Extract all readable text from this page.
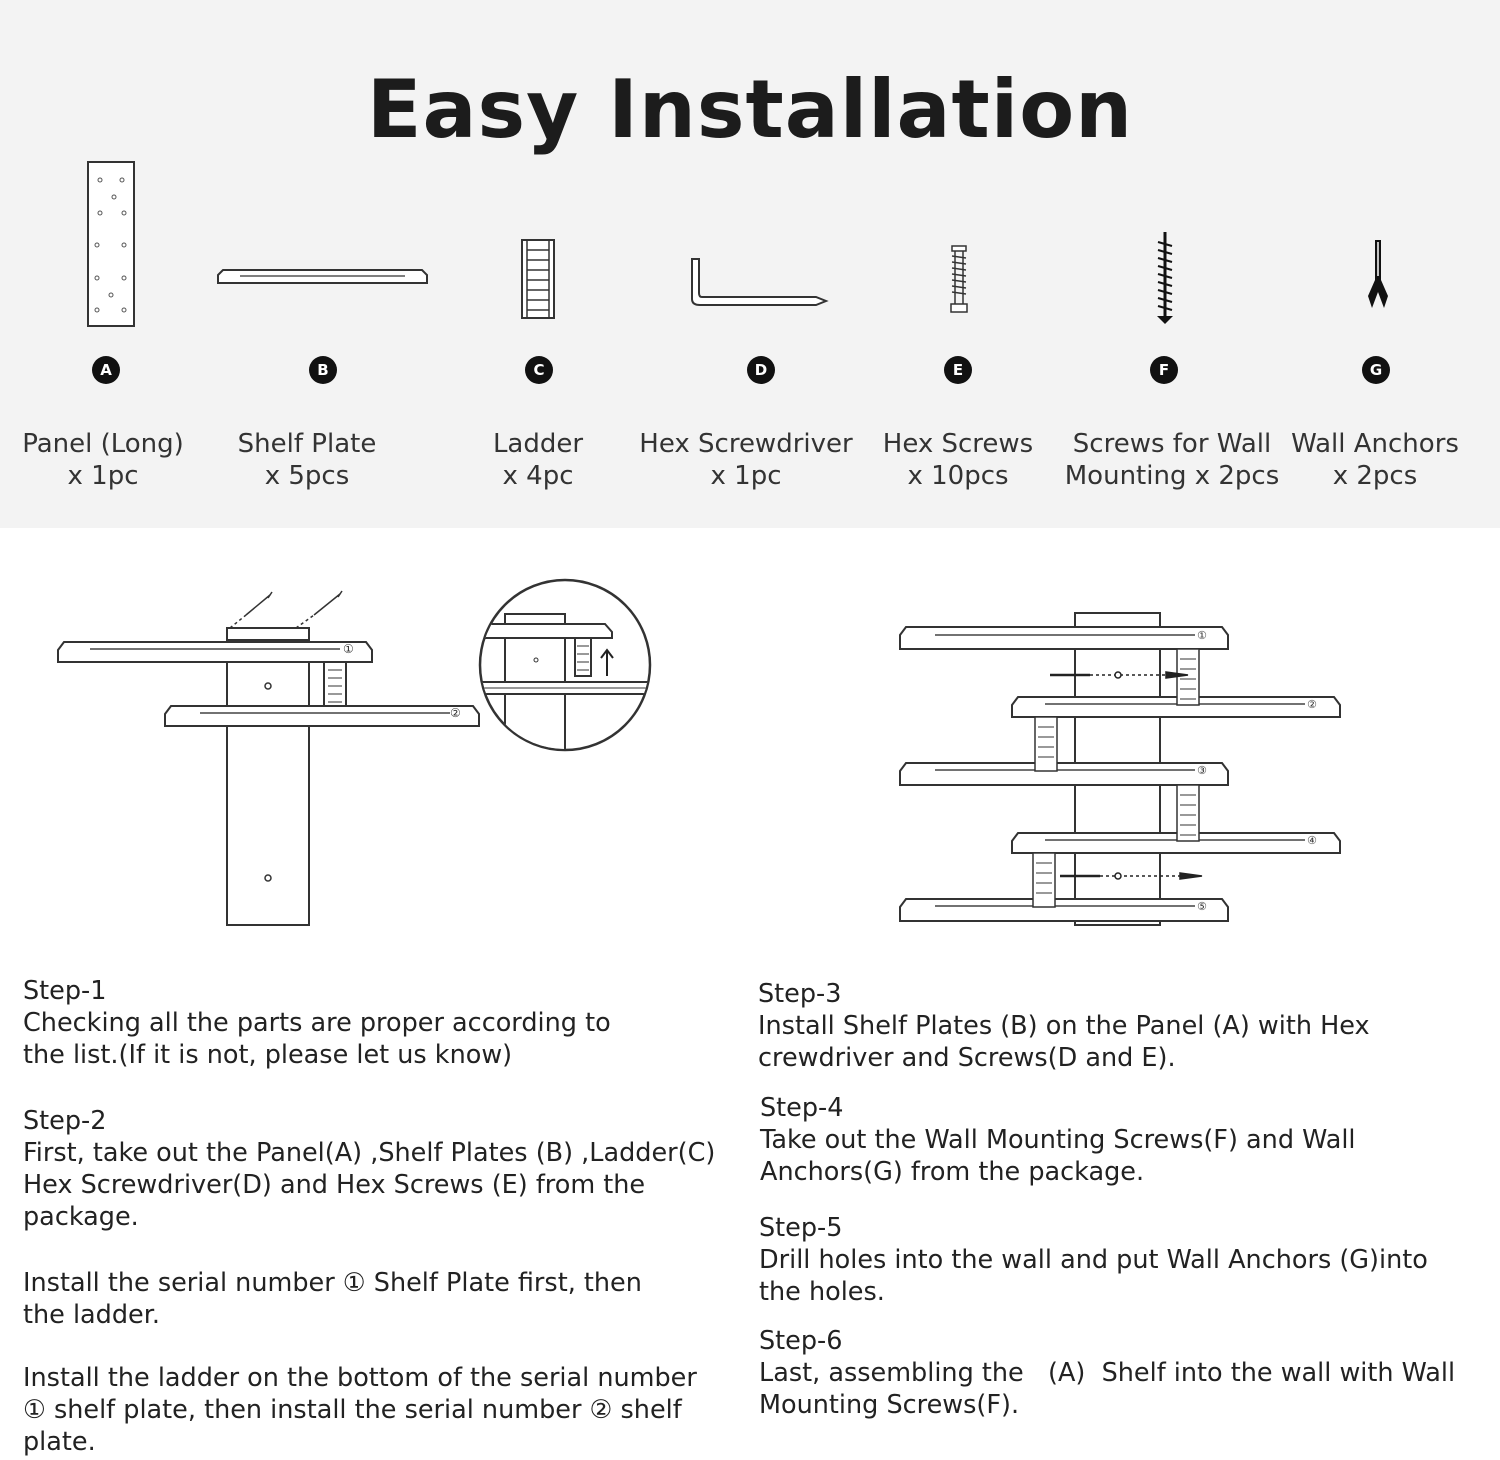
Easy Installation
A	B	C	D	E	F	G
Panel (Long)
x 1pc
Shelf Plate
x 5pcs
Ladder
x 4pc
Hex Screwdriver
x 1pc
Hex Screws
x 10pcs
Screws for Wall
Mounting x 2pcs
Wall Anchors
x 2pcs
①
②
①
②
③
④
⑤
Step-1
Checking all the parts are proper according to
the list.(If it is not, please let us know)
Step-2
First, take out the Panel(A) ,Shelf Plates (B) ,Ladder(C)
Hex Screwdriver(D) and Hex Screws (E) from the
package.
Install the serial number ① Shelf Plate first, then
the ladder.
Install the ladder on the bottom of the serial number
① shelf plate, then install the serial number ② shelf
plate.
Step-3
Install Shelf Plates (B) on the Panel (A) with Hex
crewdriver and Screws(D and E).
Step-4
Take out the Wall Mounting Screws(F) and Wall
Anchors(G) from the package.
Step-5
Drill holes into the wall and put Wall Anchors (G)into
the holes.
Step-6
Last, assembling the   (A)  Shelf into the wall with Wall
Mounting Screws(F).
